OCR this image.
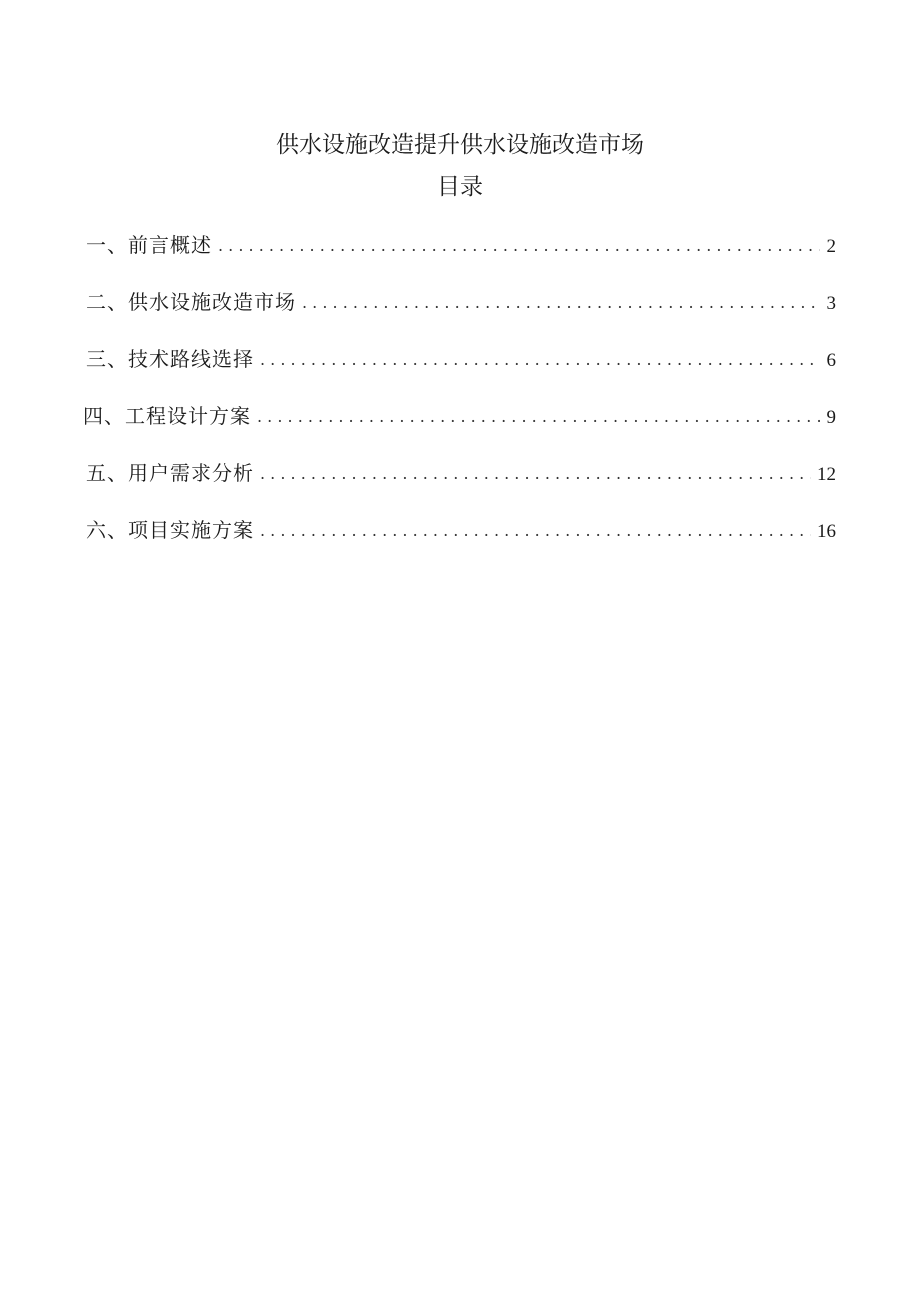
供水设施改造提升供水设施改造市场
目录
一、前言概述 . . .	2
二、供水设施改造市场 . . .	3
三、技术路线选择 . . .	6
四、工程设计方案 . . .	9
五、用户需求分析 . . .	12
六、项目实施方案 . . .	16
